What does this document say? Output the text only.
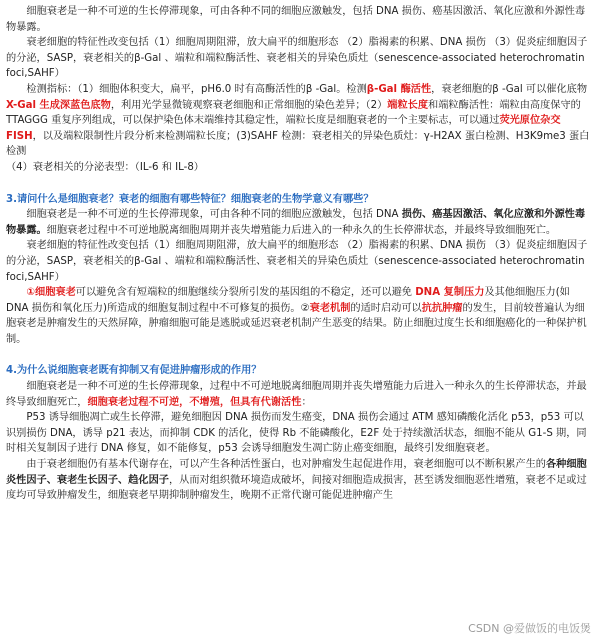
细胞衰老是一种不可逆的生长停滞现象，可由各种不同的细胞应激触发，包括 DNA 损伤、癌基因激活、氧化应激和外源性毒物暴露。

衰老细胞的特征性改变包括（1）细胞周期阻滞，放大扁平的细胞形态 （2）脂褐素的积累、DNA 损伤 （3）促炎症细胞因子的分泌，SASP，衰老相关的β-Gal 、端粒和端粒酶活性、衰老相关的异染色质灶（senescence-associated heterochromatin foci,SAHF）

检测指标：（1）细胞体积变大，扁平，pH6.0 时有高酶活性的β -Gal。检测β-Gal 酶活性，衰老细胞的β -Gal 可以催化底物X-Gal 生成深蓝色底物，利用光学显微镜观察衰老细胞和正常细胞的染色差异；（2）端粒长度和端粒酶活性：端粒由高度保守的 TTAGGG 重复序列组成，可以保护染色体末端维持其稳定性，端粒长度是细胞衰老的一个主要标志，可以通过荧光原位杂交 FISH，以及端粒限制性片段分析来检测端粒长度；(3)SAHF 检测：衰老相关的异染色质灶：γ-H2AX 蛋白检测、H3K9me3 蛋白检测

（4）衰老相关的分泌表型：（IL-6 和 IL-8）

3.请问什么是细胞衰老？衰老的细胞有哪些特征？细胞衰老的生物学意义有哪些？

细胞衰老是一种不可逆的生长停滞现象，可由各种不同的细胞应激触发，包括 DNA 损伤、癌基因激活、氧化应激和外源性毒物暴露。细胞衰老过程中不可逆地脱离细胞周期并丧失增殖能力后进入的一种永久的生长停滞状态，并最终导致细胞死亡。

衰老细胞的特征性改变包括（1）细胞周期阻滞，放大扁平的细胞形态 （2）脂褐素的积累、DNA 损伤 （3）促炎症细胞因子的分泌，SASP，衰老相关的β-Gal 、端粒和端粒酶活性、衰老相关的异染色质灶（senescence-associated heterochromatin foci,SAHF）

①细胞衰老可以避免含有短端粒的细胞继续分裂所引发的基因组的不稳定，还可以避免 DNA 复制压力及其他细胞压力(如 DNA 损伤和氧化压力)所造成的细胞复制过程中不可修复的损伤。②衰老机制的适时启动可以抗抗肿瘤的发生，目前较普遍认为细胞衰老是肿瘤发生的天然屏障，肿瘤细胞可能是逃脱或延迟衰老机制产生恶变的结果。防止细胞过度生长和细胞癌化的一种保护机制。

4.为什么说细胞衰老既有抑制又有促进肿瘤形成的作用？

细胞衰老是一种不可逆的生长停滞现象，过程中不可逆地脱离细胞周期并丧失增殖能力后进入一种永久的生长停滞状态，并最终导致细胞死亡，细胞衰老过程不可逆，不增殖，但具有代谢活性：

P53 诱导细胞凋亡或生长停滞，避免细胞因 DNA 损伤而发生癌变，DNA 损伤会通过 ATM 感知磷酸化活化 p53，p53 可以识别损伤 DNA，诱导 p21 表达，而抑制 CDK 的活化，使得 Rb 不能磷酸化，E2F 处于持续激活状态，细胞不能从 G1-S 期，同时相关复制因子进行 DNA 修复，如不能修复，p53 会诱导细胞发生凋亡防止癌变细胞，最终引发细胞衰老。

由于衰老细胞仍有基本代谢存在，可以产生各种活性蛋白，也对肿瘤发生起促进作用，衰老细胞可以不断积累产生的各种细胞炎性因子、衰老生长因子、趋化因子，从而对组织微环境造成破坏，间接对细胞造成损害，甚至诱发细胞恶性增殖，衰老不足或过度均可导致肿瘤发生，细胞衰老早期抑制肿瘤发生，晚期不正常代谢可能促进肿瘤产生

CSDN @爱做饭的电饭煲
